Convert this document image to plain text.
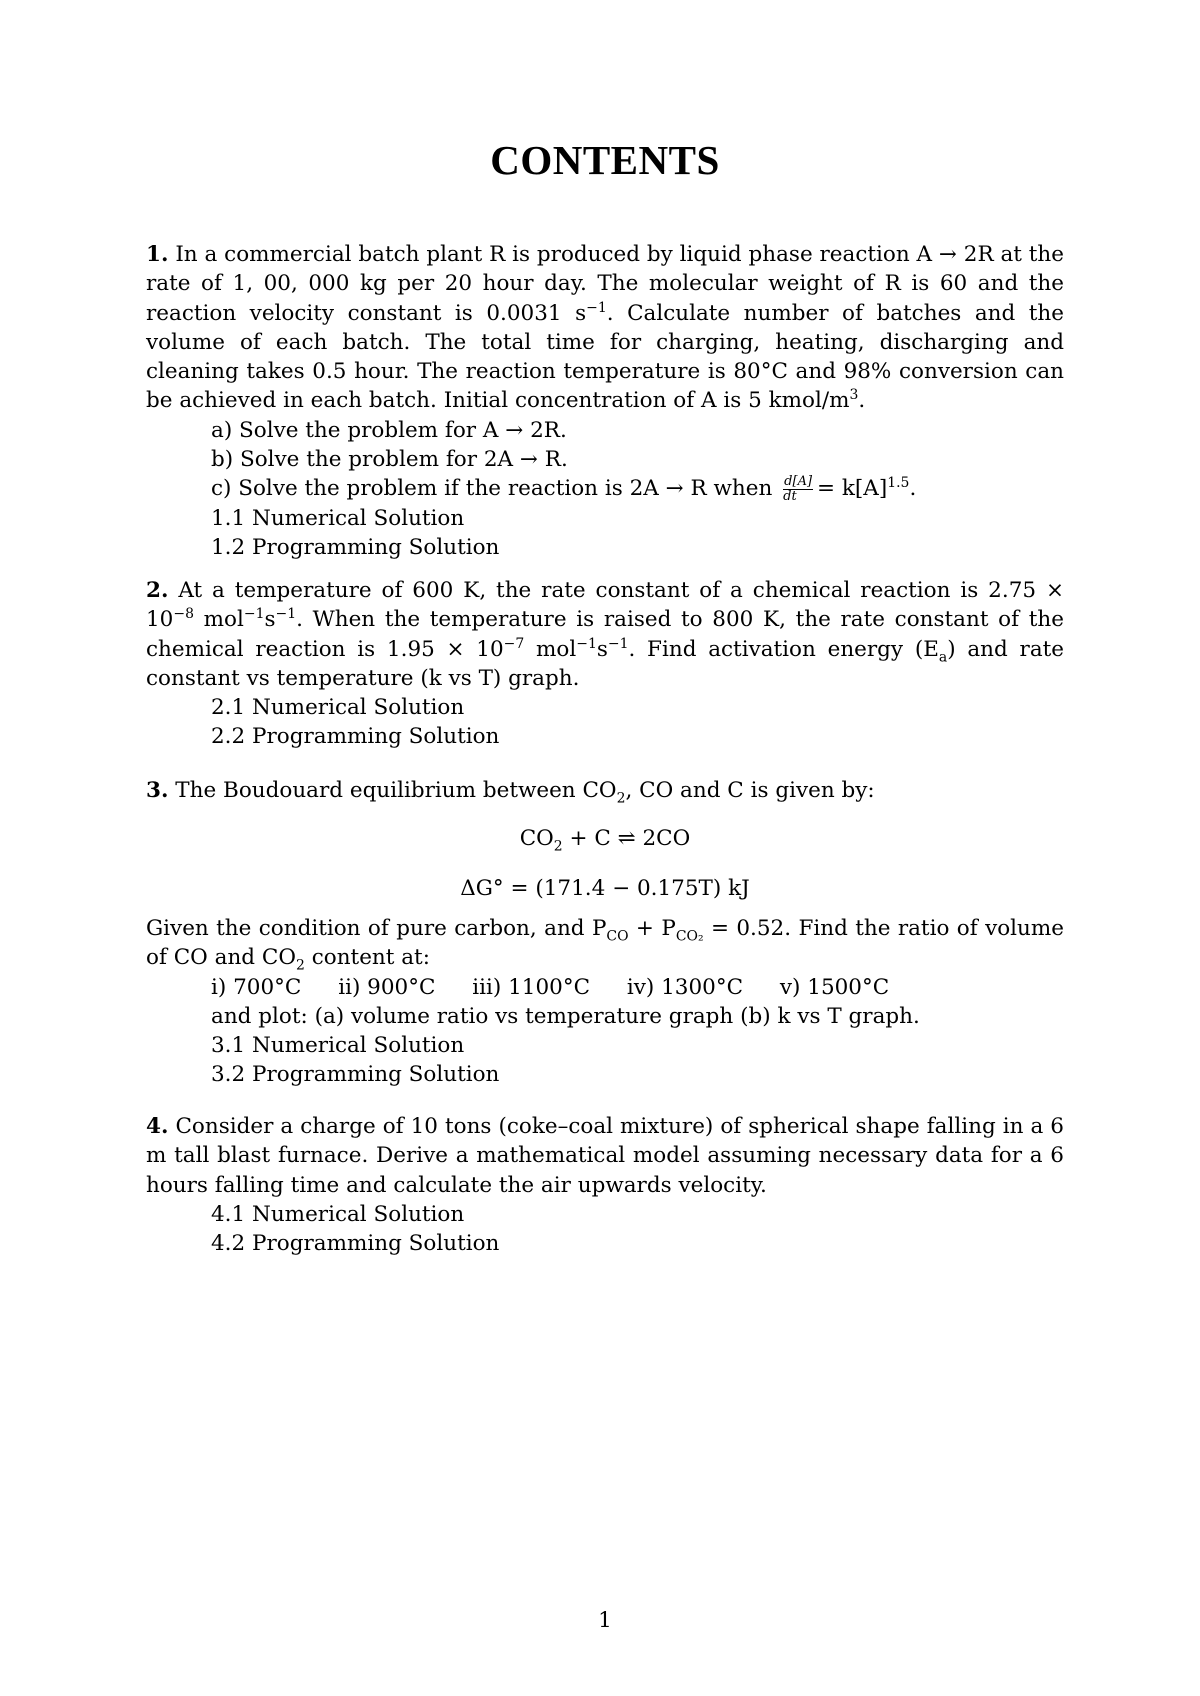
CONTENTS
1. In a commercial batch plant R is produced by liquid phase reaction A → 2R at the rate of 1, 00, 000 kg per 20 hour day. The molecular weight of R is 60 and the reaction velocity constant is 0.0031 $s^{-1}$. Calculate number of batches and the volume of each batch. The total time for charging, heating, discharging and cleaning takes 0.5 hour. The reaction temperature is 80°C and 98% conversion can be achieved in each batch. Initial concentration of A is 5 kmol/$m^3$.
a) Solve the problem for A → 2R.
b) Solve the problem for 2A → R.
c) Solve the problem if the reaction is 2A → R when $\frac{d[A]}{dt} = k[A]^{1.5}$.
1.1 Numerical Solution
1.2 Programming Solution
2. At a temperature of 600 K, the rate constant of a chemical reaction is $2.75 \times 10^{-8}$ $mol^{-1}s^{-1}$. When the temperature is raised to 800 K, the rate constant of the chemical reaction is $1.95 \times 10^{-7}$ $mol^{-1}s^{-1}$. Find activation energy $(E_a)$ and rate constant vs temperature (k vs T) graph.
2.1 Numerical Solution
2.2 Programming Solution
3. The Boudouard equilibrium between $CO_2$, CO and C is given by:
$CO_2 + C$ ⇌ 2CO
ΔG° = (171.4 − 0.175T) kJ
Given the condition of pure carbon, and $P_{CO} + P_{CO_2} = 0.52$. Find the ratio of volume of CO and $CO_2$ content at:
i) 700°C ii) 900°C iii) 1100°C iv) 1300°C v) 1500°C
and plot: (a) volume ratio vs temperature graph (b) k vs T graph.
3.1 Numerical Solution
3.2 Programming Solution
4. Consider a charge of 10 tons (coke–coal mixture) of spherical shape falling in a 6 m tall blast furnace. Derive a mathematical model assuming necessary data for a 6 hours falling time and calculate the air upwards velocity.
4.1 Numerical Solution
4.2 Programming Solution
1
